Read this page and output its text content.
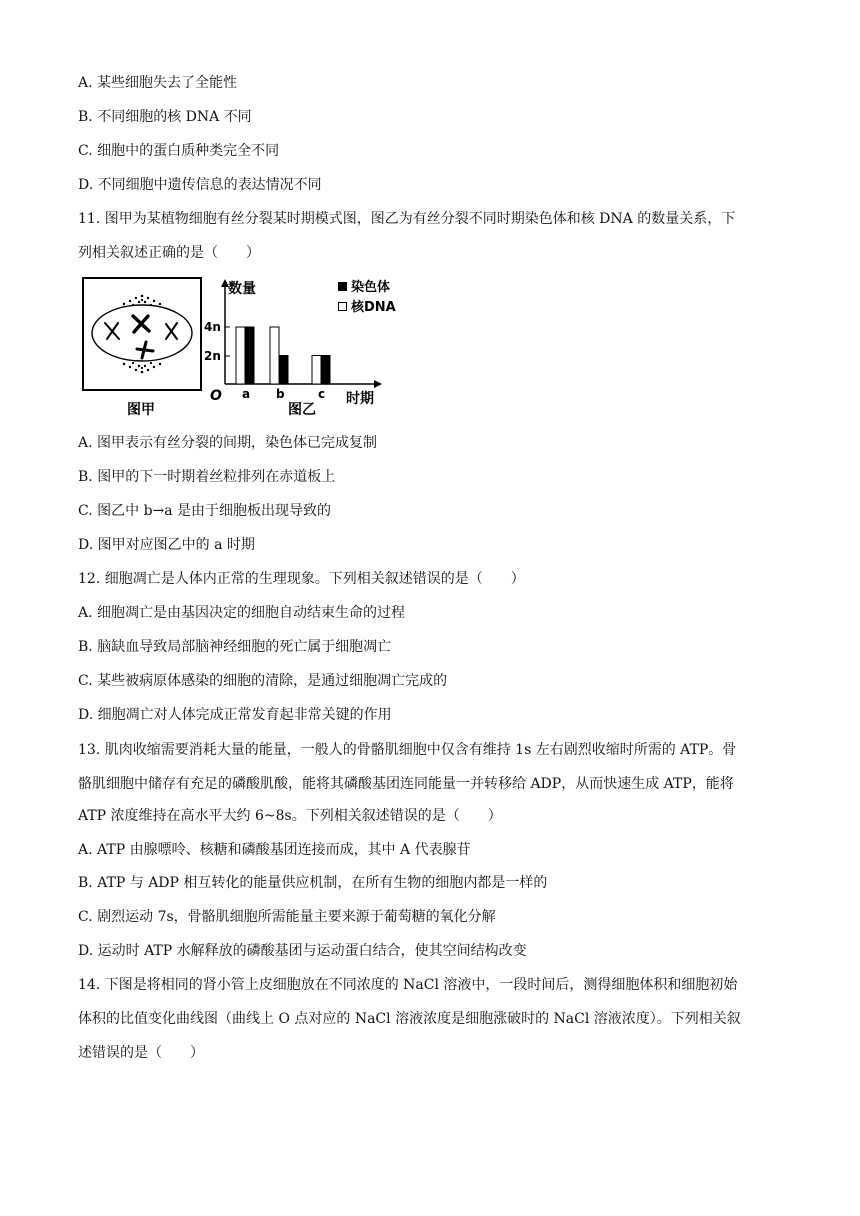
A. 某些细胞失去了全能性
B. 不同细胞的核 DNA 不同
C. 细胞中的蛋白质种类完全不同
D. 不同细胞中遗传信息的表达情况不同
11. 图甲为某植物细胞有丝分裂某时期模式图，图乙为有丝分裂不同时期染色体和核 DNA 的数量关系，下
列相关叙述正确的是（　　）
图甲
数量
时期
O
4n
2n
a b	c
染色体
核DNA
图乙
A. 图甲表示有丝分裂的间期，染色体已完成复制
B. 图甲的下一时期着丝粒排列在赤道板上
C. 图乙中 b→a 是由于细胞板出现导致的
D. 图甲对应图乙中的 a 时期
12. 细胞凋亡是人体内正常的生理现象。下列相关叙述错误的是（　　）
A. 细胞凋亡是由基因决定的细胞自动结束生命的过程
B. 脑缺血导致局部脑神经细胞的死亡属于细胞凋亡
C. 某些被病原体感染的细胞的清除，是通过细胞凋亡完成的
D. 细胞凋亡对人体完成正常发育起非常关键的作用
13. 肌肉收缩需要消耗大量的能量，一般人的骨骼肌细胞中仅含有维持 1s 左右剧烈收缩时所需的 ATP。骨
骼肌细胞中储存有充足的磷酸肌酸，能将其磷酸基团连同能量一并转移给 ADP，从而快速生成 ATP，能将
ATP 浓度维持在高水平大约 6~8s。下列相关叙述错误的是（　　）
A. ATP 由腺嘌呤、核糖和磷酸基团连接而成，其中 A 代表腺苷
B. ATP 与 ADP 相互转化的能量供应机制，在所有生物的细胞内都是一样的
C. 剧烈运动 7s，骨骼肌细胞所需能量主要来源于葡萄糖的氧化分解
D. 运动时 ATP 水解释放的磷酸基团与运动蛋白结合，使其空间结构改变
14. 下图是将相同的肾小管上皮细胞放在不同浓度的 NaCl 溶液中，一段时间后，测得细胞体积和细胞初始
体积的比值变化曲线图（曲线上 O 点对应的 NaCl 溶液浓度是细胞涨破时的 NaCl 溶液浓度）。下列相关叙
述错误的是（　　）
